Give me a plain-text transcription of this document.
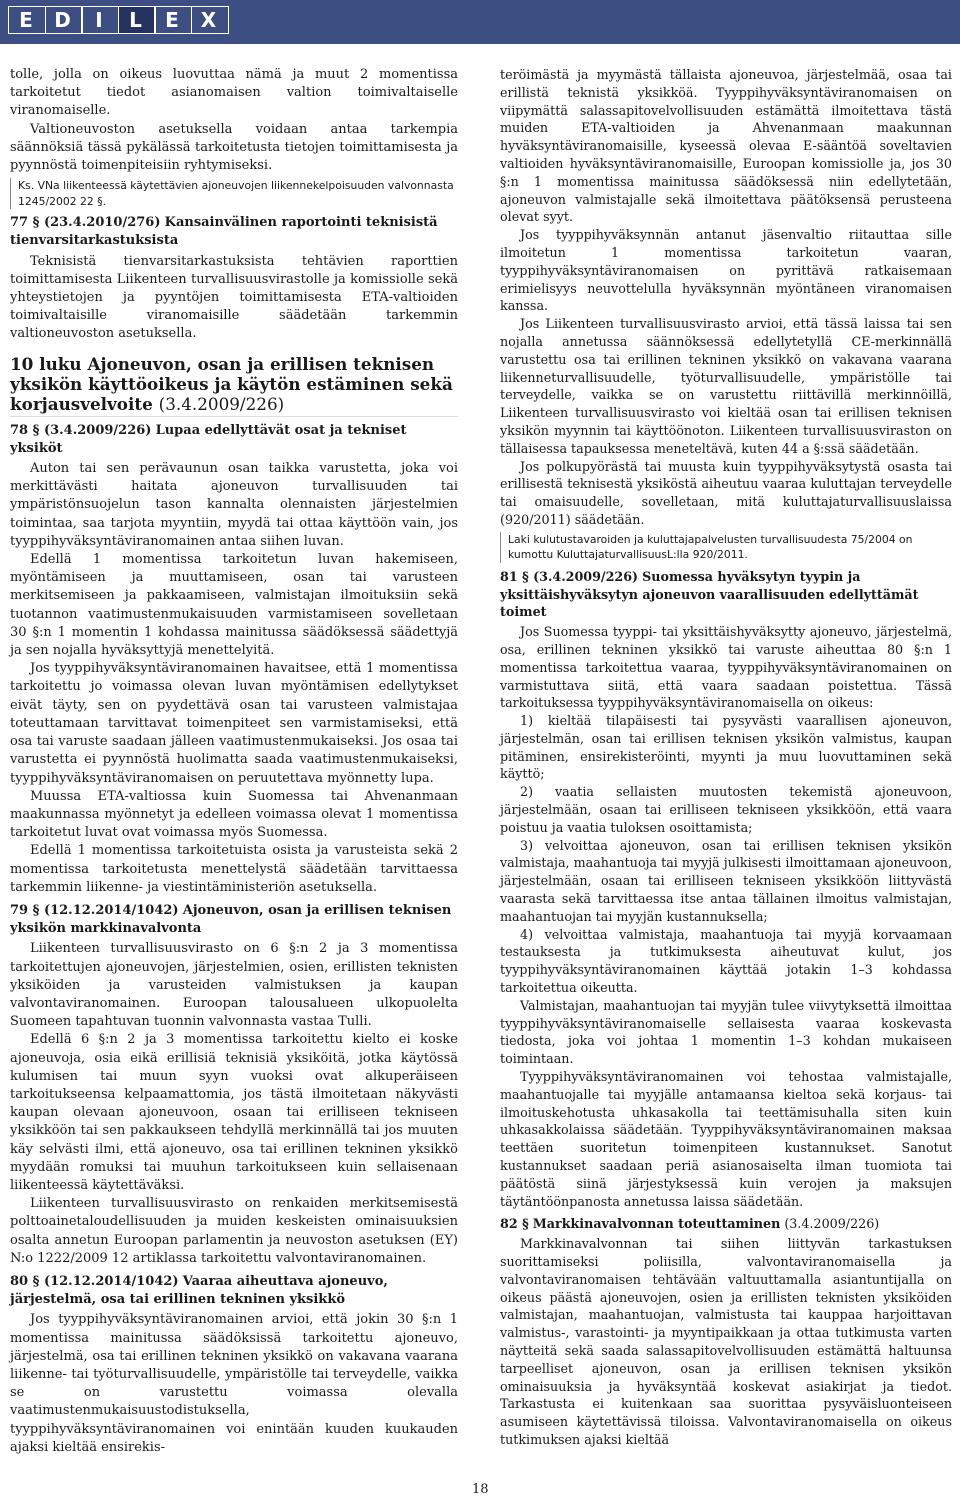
E D	I	L	E X

tolle, jolla on oikeus luovuttaa nämä ja muut 2 momentissa tarkoitetut tiedot asianomaisen valtion toimivaltaiselle viranomaiselle.

Valtioneuvoston asetuksella voidaan antaa tarkempia säännöksiä tässä pykälässä tarkoitetusta tietojen toimittamisesta ja pyynnöstä toimenpiteisiin ryhtymiseksi.

Ks. VNa liikenteessä käytettävien ajoneuvojen liikennekelpoisuuden valvonnasta 1245/2002 22 §.
77 § (23.4.2010/276) Kansainvälinen raportointi teknisistä tienvarsitarkastuksista

Teknisistä tienvarsitarkastuksista tehtävien raporttien toimittamisesta Liikenteen turvallisuusvirastolle ja komissiolle sekä yhteystietojen ja pyyntöjen toimittamisesta ETA-valtioiden toimivaltaisille viranomaisille säädetään tarkemmin valtioneuvoston asetuksella.

10 luku Ajoneuvon, osan ja erillisen teknisen yksikön käyttöoikeus ja käytön estäminen sekä korjausvelvoite (3.4.2009/226)
78 § (3.4.2009/226) Lupaa edellyttävät osat ja tekniset yksiköt

Auton tai sen perävaunun osan taikka varustetta, joka voi merkittävästi haitata ajoneuvon turvallisuuden tai ympäristönsuojelun tason kannalta olennaisten järjestelmien toimintaa, saa tarjota myyntiin, myydä tai ottaa käyttöön vain, jos tyyppihyväksyntäviranomainen antaa siihen luvan.

Edellä 1 momentissa tarkoitetun luvan hakemiseen, myöntämiseen ja muuttamiseen, osan tai varusteen merkitsemiseen ja pakkaamiseen, valmistajan ilmoituksiin sekä tuotannon vaatimustenmukaisuuden varmistamiseen sovelletaan 30 §:n 1 momentin 1 kohdassa mainitussa säädöksessä säädettyjä ja sen nojalla hyväksyttyjä menettelyitä.

Jos tyyppihyväksyntäviranomainen havaitsee, että 1 momentissa tarkoitettu jo voimassa olevan luvan myöntämisen edellytykset eivät täyty, sen on pyydettävä osan tai varusteen valmistajaa toteuttamaan tarvittavat toimenpiteet sen varmistamiseksi, että osa tai varuste saadaan jälleen vaatimustenmukaiseksi. Jos osaa tai varustetta ei pyynnöstä huolimatta saada vaatimustenmukaiseksi, tyyppihyväksyntäviranomaisen on peruutettava myönnetty lupa.

Muussa ETA-valtiossa kuin Suomessa tai Ahvenanmaan maakunnassa myönnetyt ja edelleen voimassa olevat 1 momentissa tarkoitetut luvat ovat voimassa myös Suomessa.

Edellä 1 momentissa tarkoitetuista osista ja varusteista sekä 2 momentissa tarkoitetusta menettelystä säädetään tarvittaessa tarkemmin liikenne- ja viestintäministeriön asetuksella.

79 § (12.12.2014/1042) Ajoneuvon, osan ja erillisen teknisen yksikön markkinavalvonta

Liikenteen turvallisuusvirasto on 6 §:n 2 ja 3 momentissa tarkoitettujen ajoneuvojen, järjestelmien, osien, erillisten teknisten yksiköiden ja varusteiden valmistuksen ja kaupan valvontaviranomainen. Euroopan talousalueen ulkopuolelta Suomeen tapahtuvan tuonnin valvonnasta vastaa Tulli.

Edellä 6 §:n 2 ja 3 momentissa tarkoitettu kielto ei koske ajoneuvoja, osia eikä erillisiä teknisiä yksiköitä, jotka käytössä kulumisen tai muun syyn vuoksi ovat alkuperäiseen tarkoitukseensa kelpaamattomia, jos tästä ilmoitetaan näkyvästi kaupan olevaan ajoneuvoon, osaan tai erilliseen tekniseen yksikköön tai sen pakkaukseen tehdyllä merkinnällä tai jos muuten käy selvästi ilmi, että ajoneuvo, osa tai erillinen tekninen yksikkö myydään romuksi tai muuhun tarkoitukseen kuin sellaisenaan liikenteessä käytettäväksi.

Liikenteen turvallisuusvirasto on renkaiden merkitsemisestä polttoainetaloudellisuuden ja muiden keskeisten ominaisuuksien osalta annetun Euroopan parlamentin ja neuvoston asetuksen (EY) N:o 1222/2009 12 artiklassa tarkoitettu valvontaviranomainen.

80 § (12.12.2014/1042) Vaaraa aiheuttava ajoneuvo, järjestelmä, osa tai erillinen tekninen yksikkö

Jos tyyppihyväksyntäviranomainen arvioi, että jokin 30 §:n 1 momentissa mainitussa säädöksissä tarkoitettu ajoneuvo, järjestelmä, osa tai erillinen tekninen yksikkö on vakavana vaarana liikenne- tai työturvallisuudelle, ympäristölle tai terveydelle, vaikka se on varustettu voimassa olevalla vaatimustenmukaisuustodistuksella, tyyppihyväksyntäviranomainen voi enintään kuuden kuukauden ajaksi kieltää ensirekis-

teröimästä ja myymästä tällaista ajoneuvoa, järjestelmää, osaa tai erillistä teknistä yksikköä. Tyyppihyväksyntäviranomaisen on viipymättä salassapitovelvollisuuden estämättä ilmoitettava tästä muiden ETA-valtioiden ja Ahvenanmaan maakunnan hyväksyntäviranomaisille, kyseessä olevaa E-sääntöä soveltavien valtioiden hyväksyntäviranomaisille, Euroopan komissiolle ja, jos 30 §:n 1 momentissa mainitussa säädöksessä niin edellytetään, ajoneuvon valmistajalle sekä ilmoitettava päätöksensä perusteena olevat syyt.

Jos tyyppihyväksynnän antanut jäsenvaltio riitauttaa sille ilmoitetun 1 momentissa tarkoitetun vaaran, tyyppihyväksyntäviranomaisen on pyrittävä ratkaisemaan erimielisyys neuvottelulla hyväksynnän myöntäneen viranomaisen kanssa.

Jos Liikenteen turvallisuusvirasto arvioi, että tässä laissa tai sen nojalla annetussa säännöksessä edellytetyllä CE-merkinnällä varustettu osa tai erillinen tekninen yksikkö on vakavana vaarana liikenneturvallisuudelle, työturvallisuudelle, ympäristölle tai terveydelle, vaikka se on varustettu riittävillä merkinnöillä, Liikenteen turvallisuusvirasto voi kieltää osan tai erillisen teknisen yksikön myynnin tai käyttöönoton. Liikenteen turvallisuusviraston on tällaisessa tapauksessa meneteltävä, kuten 44 a §:ssä säädetään.

Jos polkupyörästä tai muusta kuin tyyppihyväksytystä osasta tai erillisestä teknisestä yksiköstä aiheutuu vaaraa kuluttajan terveydelle tai omaisuudelle, sovelletaan, mitä kuluttajaturvallisuuslaissa (920/2011) säädetään.

Laki kulutustavaroiden ja kuluttajapalvelusten turvallisuudesta 75/2004 on kumottu KuluttajaturvallisuusL:lla 920/2011.
81 § (3.4.2009/226) Suomessa hyväksytyn tyypin ja yksittäishyväksytyn ajoneuvon vaarallisuuden edellyttämät toimet

Jos Suomessa tyyppi- tai yksittäishyväksytty ajoneuvo, järjestelmä, osa, erillinen tekninen yksikkö tai varuste aiheuttaa 80 §:n 1 momentissa tarkoitettua vaaraa, tyyppihyväksyntäviranomainen on varmistuttava siitä, että vaara saadaan poistettua. Tässä tarkoituksessa tyyppihyväksyntäviranomaisella on oikeus:

1) kieltää tilapäisesti tai pysyvästi vaarallisen ajoneuvon, järjestelmän, osan tai erillisen teknisen yksikön valmistus, kaupan pitäminen, ensirekisteröinti, myynti ja muu luovuttaminen sekä käyttö;

2) vaatia sellaisten muutosten tekemistä ajoneuvoon, järjestelmään, osaan tai erilliseen tekniseen yksikköön, että vaara poistuu ja vaatia tuloksen osoittamista;

3) velvoittaa ajoneuvon, osan tai erillisen teknisen yksikön valmistaja, maahantuoja tai myyjä julkisesti ilmoittamaan ajoneuvoon, järjestelmään, osaan tai erilliseen tekniseen yksikköön liittyvästä vaarasta sekä tarvittaessa itse antaa tällainen ilmoitus valmistajan, maahantuojan tai myyjän kustannuksella;

4) velvoittaa valmistaja, maahantuoja tai myyjä korvaamaan testauksesta ja tutkimuksesta aiheutuvat kulut, jos tyyppihyväksyntäviranomainen käyttää jotakin 1–3 kohdassa tarkoitettua oikeutta.

Valmistajan, maahantuojan tai myyjän tulee viivytyksettä ilmoittaa tyyppihyväksyntäviranomaiselle sellaisesta vaaraa koskevasta tiedosta, joka voi johtaa 1 momentin 1–3 kohdan mukaiseen toimintaan.

Tyyppihyväksyntäviranomainen voi tehostaa valmistajalle, maahantuojalle tai myyjälle antamaansa kieltoa sekä korjaus- tai ilmoituskehotusta uhkasakolla tai teettämisuhalla siten kuin uhkasakkolaissa säädetään. Tyyppihyväksyntäviranomainen maksaa teettäen suoritetun toimenpiteen kustannukset. Sanotut kustannukset saadaan periä asianosaiselta ilman tuomiota tai päätöstä siinä järjestyksessä kuin verojen ja maksujen täytäntöönpanosta annetussa laissa säädetään.

82 § Markkinavalvonnan toteuttaminen (3.4.2009/226)

Markkinavalvonnan tai siihen liittyvän tarkastuksen suorittamiseksi poliisilla, valvontaviranomaisella ja valvontaviranomaisen tehtävään valtuuttamalla asiantuntijalla on oikeus päästä ajoneuvojen, osien ja erillisten teknisten yksiköiden valmistajan, maahantuojan, valmistusta tai kauppaa harjoittavan valmistus-, varastointi- ja myyntipaikkaan ja ottaa tutkimusta varten näytteitä sekä saada salassapitovelvollisuuden estämättä haltuunsa tarpeelliset ajoneuvon, osan ja erillisen teknisen yksikön ominaisuuksia ja hyväksyntää koskevat asiakirjat ja tiedot. Tarkastusta ei kuitenkaan saa suorittaa pysyväisluonteiseen asumiseen käytettävissä tiloissa. Valvontaviranomaisella on oikeus tutkimuksen ajaksi kieltää

18
